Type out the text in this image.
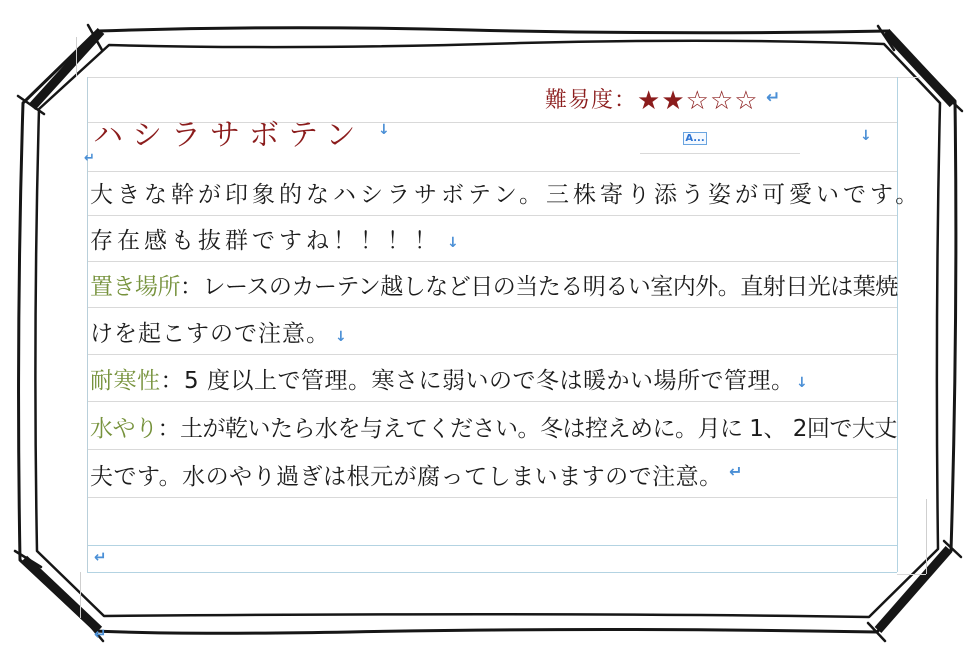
難易度：★★☆☆☆ ↵
ハシラサボテン ↓
A...	↓
↵
大きな幹が印象的なハシラサボテン。三株寄り添う姿が可愛いです。
存在感も抜群ですね！！！！
置き場所：レースのカーテン越しなど日の当たる明るい室内外。直射日光は葉焼
けを起こすので注意。
耐寒性：5 度以上で管理。寒さに弱いので冬は暖かい場所で管理。
水やり：土が乾いたら水を与えてください。冬は控えめに。月に 1、 2回で大丈
夫です。水のやり過ぎは根元が腐ってしまいますので注意。
↓
↓
↓
↵
↵
↵
